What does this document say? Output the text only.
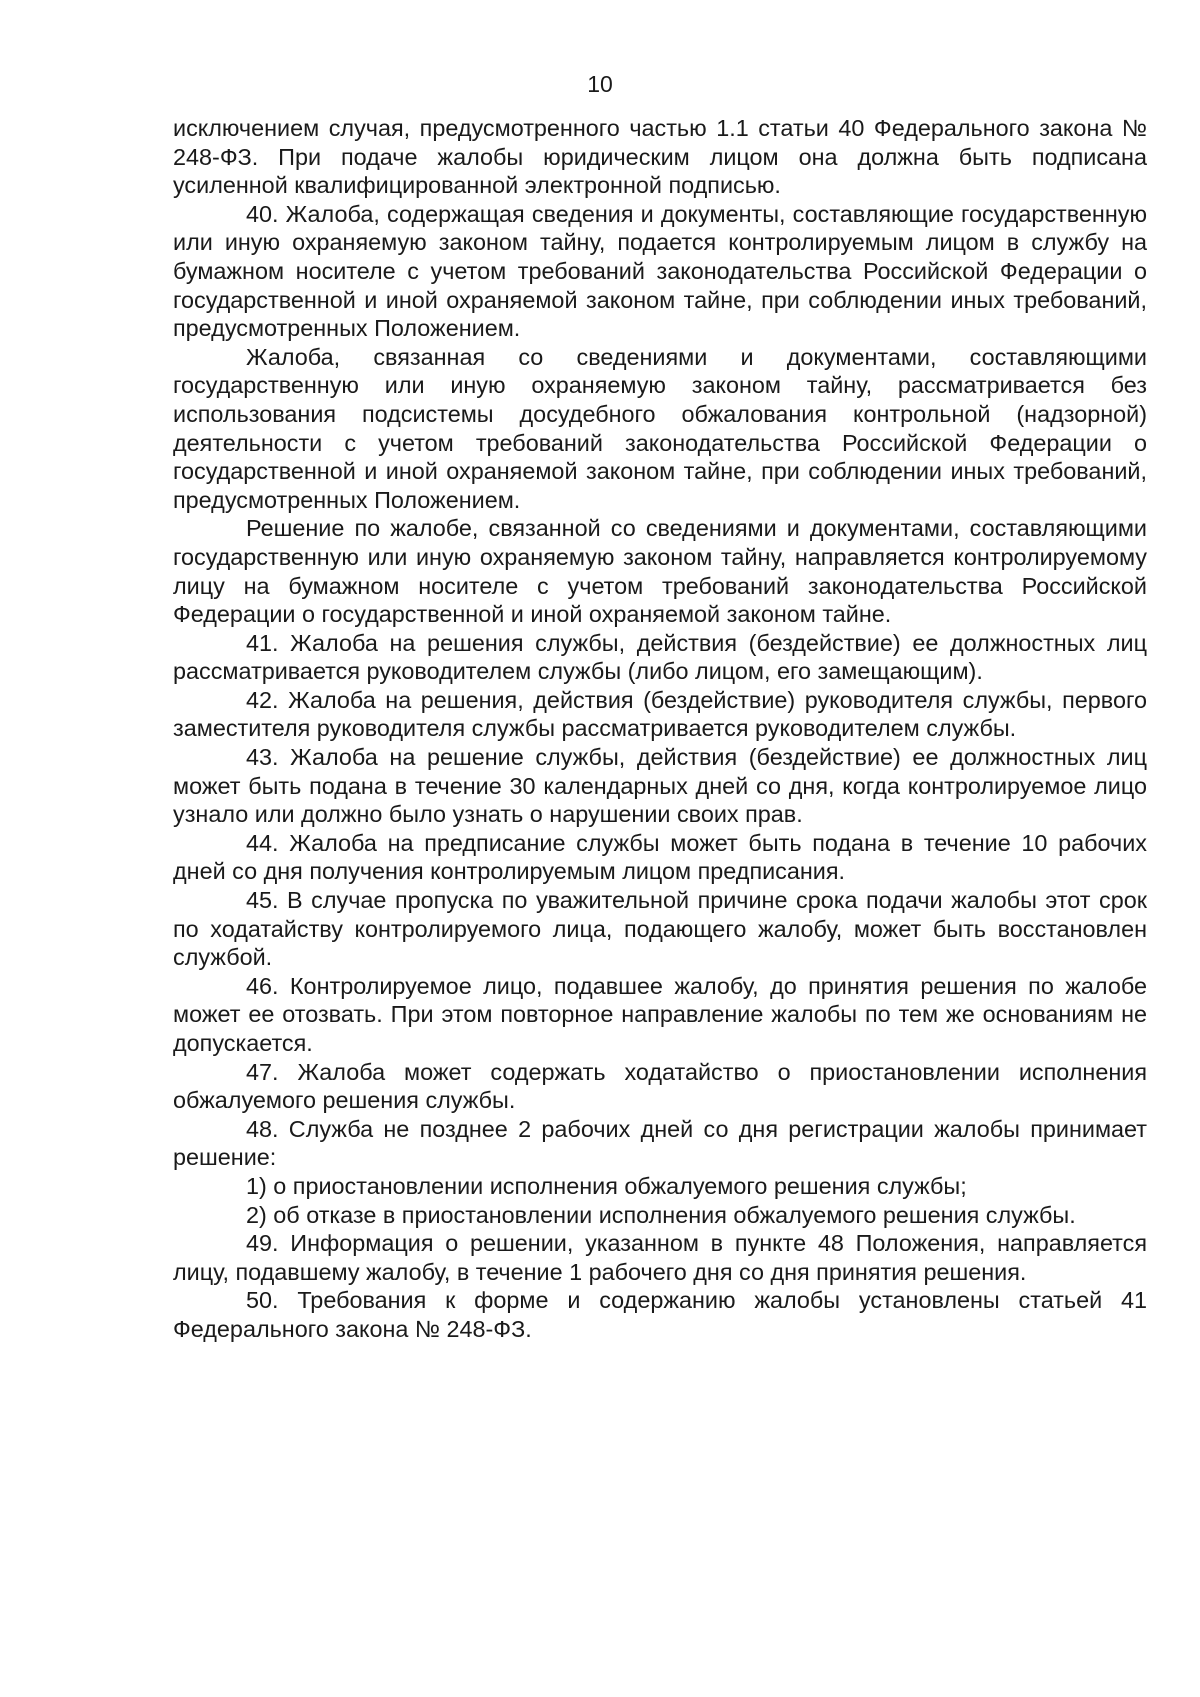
10

исключением случая, предусмотренного частью 1.1 статьи 40 Федерального закона № 248-ФЗ. При подаче жалобы юридическим лицом она должна быть подписана усиленной квалифицированной электронной подписью.

40. Жалоба, содержащая сведения и документы, составляющие государственную или иную охраняемую законом тайну, подается контролируемым лицом в службу на бумажном носителе с учетом требований законодательства Российской Федерации о государственной и иной охраняемой законом тайне, при соблюдении иных требований, предусмотренных Положением.

Жалоба, связанная со сведениями и документами, составляющими государственную или иную охраняемую законом тайну, рассматривается без использования подсистемы досудебного обжалования контрольной (надзорной) деятельности с учетом требований законодательства Российской Федерации о государственной и иной охраняемой законом тайне, при соблюдении иных требований, предусмотренных Положением.

Решение по жалобе, связанной со сведениями и документами, составляющими государственную или иную охраняемую законом тайну, направляется контролируемому лицу на бумажном носителе с учетом требований законодательства Российской Федерации о государственной и иной охраняемой законом тайне.

41. Жалоба на решения службы, действия (бездействие) ее должностных лиц рассматривается руководителем службы (либо лицом, его замещающим).

42. Жалоба на решения, действия (бездействие) руководителя службы, первого заместителя руководителя службы рассматривается руководителем службы.

43. Жалоба на решение службы, действия (бездействие) ее должностных лиц может быть подана в течение 30 календарных дней со дня, когда контролируемое лицо узнало или должно было узнать о нарушении своих прав.

44. Жалоба на предписание службы может быть подана в течение 10 рабочих дней со дня получения контролируемым лицом предписания.

45. В случае пропуска по уважительной причине срока подачи жалобы этот срок по ходатайству контролируемого лица, подающего жалобу, может быть восстановлен службой.

46. Контролируемое лицо, подавшее жалобу, до принятия решения по жалобе может ее отозвать. При этом повторное направление жалобы по тем же основаниям не допускается.

47. Жалоба может содержать ходатайство о приостановлении исполнения обжалуемого решения службы.

48. Служба не позднее 2 рабочих дней со дня регистрации жалобы принимает решение:

1) о приостановлении исполнения обжалуемого решения службы;

2) об отказе в приостановлении исполнения обжалуемого решения службы.

49. Информация о решении, указанном в пункте 48 Положения, направляется лицу, подавшему жалобу, в течение 1 рабочего дня со дня принятия решения.

50. Требования к форме и содержанию жалобы установлены статьей 41 Федерального закона № 248-ФЗ.
